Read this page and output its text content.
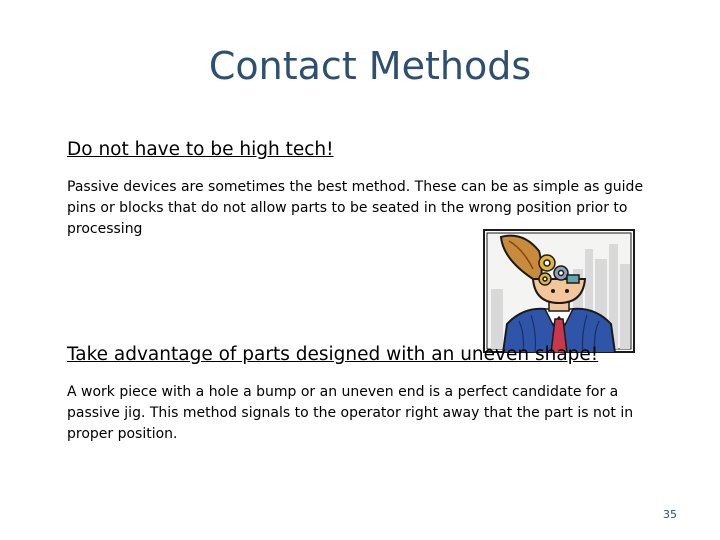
Contact Methods
Do not have to be high tech!
Passive devices are sometimes the best method. These can be as simple as guide pins or blocks that do not allow parts to be seated in the wrong position prior to processing
Take advantage of parts designed with an uneven shape!
A work piece with a hole a bump or an uneven end is a perfect candidate for a passive jig. This method signals to the operator right away that the part is not in proper position.
35
